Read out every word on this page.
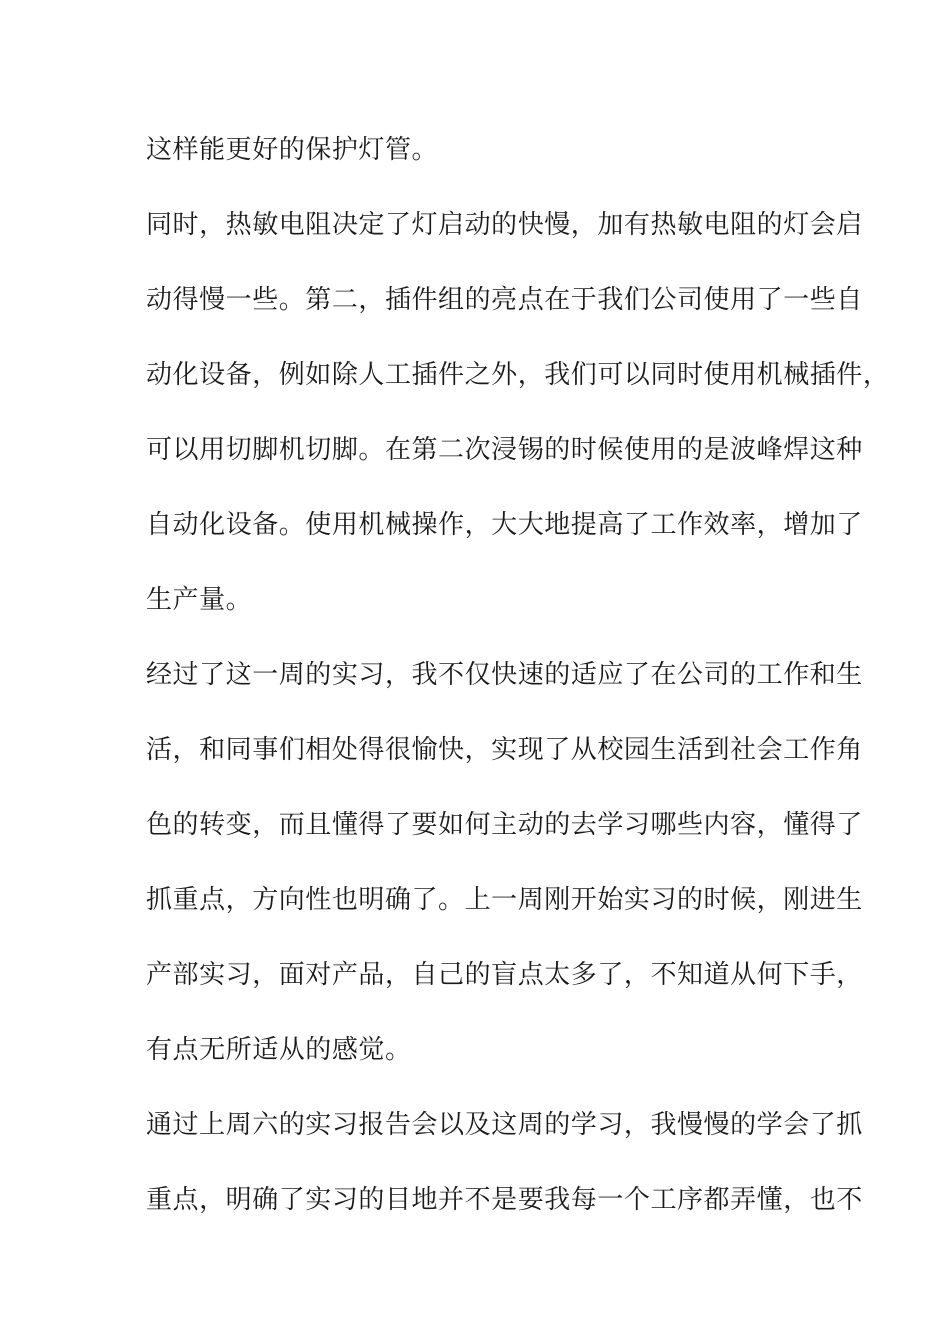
这样能更好的保护灯管。
同时，热敏电阻决定了灯启动的快慢，加有热敏电阻的灯会启
动得慢一些。第二，插件组的亮点在于我们公司使用了一些自
动化设备，例如除人工插件之外，我们可以同时使用机械插件，
可以用切脚机切脚。在第二次浸锡的时候使用的是波峰焊这种
自动化设备。使用机械操作，大大地提高了工作效率，增加了
生产量。
经过了这一周的实习，我不仅快速的适应了在公司的工作和生
活，和同事们相处得很愉快，实现了从校园生活到社会工作角
色的转变，而且懂得了要如何主动的去学习哪些内容，懂得了
抓重点，方向性也明确了。上一周刚开始实习的时候，刚进生
产部实习，面对产品，自己的盲点太多了，不知道从何下手，
有点无所适从的感觉。
通过上周六的实习报告会以及这周的学习，我慢慢的学会了抓
重点，明确了实习的目地并不是要我每一个工序都弄懂，也不
